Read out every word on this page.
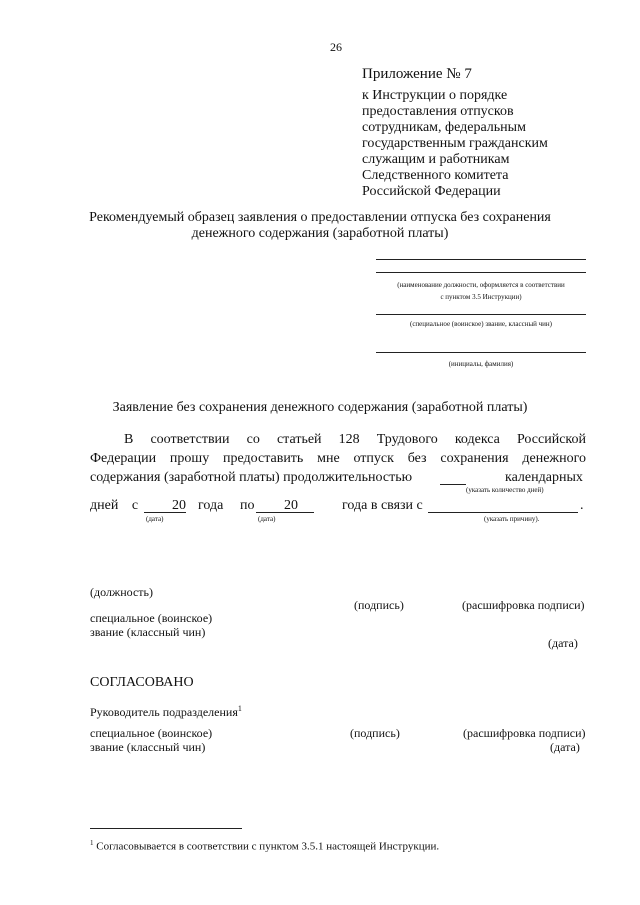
26
Приложение № 7
к Инструкции о порядке
предоставления отпусков
сотрудникам, федеральным
государственным гражданским
служащим и работникам
Следственного комитета
Российской Федерации
Рекомендуемый образец заявления о предоставлении отпуска без сохранения
денежного содержания (заработной платы)
(наименование должности, оформляется в соответствии
с пунктом 3.5 Инструкции)
(специальное (воинское) звание, классный чин)
(инициалы, фамилия)
Заявление без сохранения денежного содержания (заработной платы)
В соответствии со статьей 128 Трудового кодекса Российской
Федерации прошу предоставить мне отпуск без сохранения денежного
содержания (заработной платы) продолжительностью	календарных
(указать количество дней)
дней с 20 года по 20	года в связи с	.
(дата)	(дата)	(указать причину).
(должность)
(подпись)	(расшифровка подписи)
специальное (воинское)
звание (классный чин)
(дата)
СОГЛАСОВАНО
Руководитель подразделения$^1$
специальное (воинское)
звание (классный чин)
(подпись)	(расшифровка подписи)
(дата)
$^1$ Согласовывается в соответствии с пунктом 3.5.1 настоящей Инструкции.
